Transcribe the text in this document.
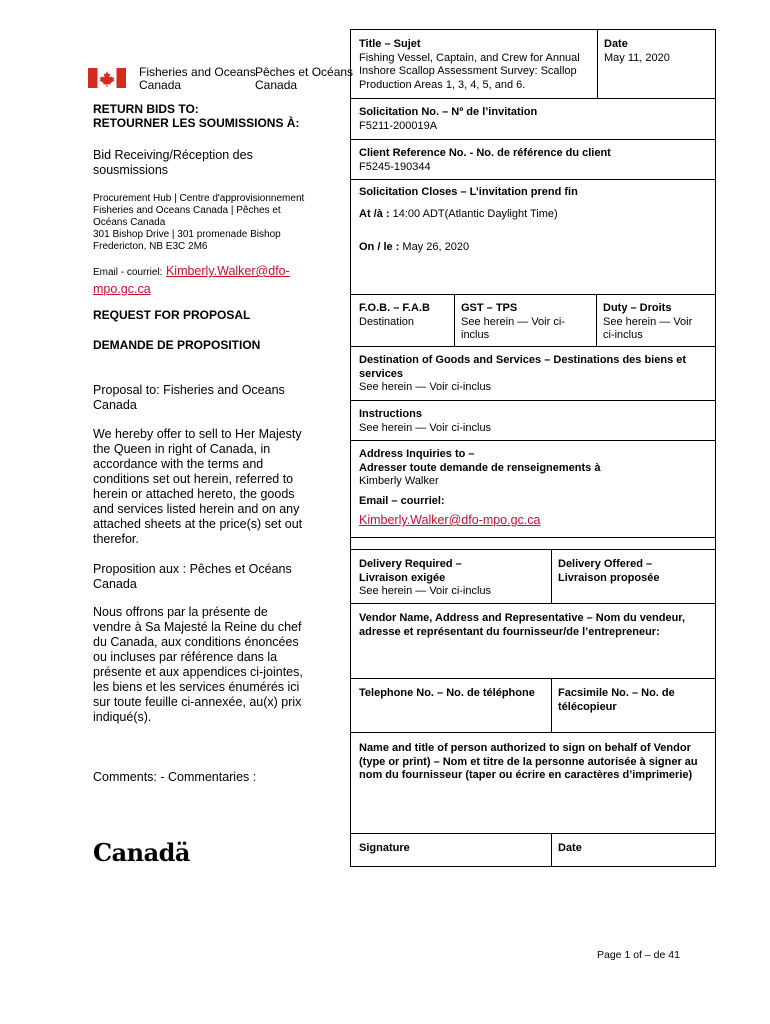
Fisheries and Oceans
Canada
Pêches et Océans
Canada
RETURN BIDS TO:
RETOURNER LES SOUMISSIONS À:
Bid Receiving/Réception des
sousmissions
Procurement Hub | Centre d'approvisionnement
Fisheries and Oceans Canada | Pêches et
Océans Canada
301 Bishop Drive | 301 promenade Bishop
Fredericton, NB E3C 2M6
Email - courriel: Kimberly.Walker@dfo-
mpo.gc.ca
REQUEST FOR PROPOSAL
DEMANDE DE PROPOSITION
Proposal to: Fisheries and Oceans
Canada
We hereby offer to sell to Her Majesty the Queen in right of Canada, in accordance with the terms and conditions set out herein, referred to herein or attached hereto, the goods and services listed herein and on any attached sheets at the price(s) set out therefor.
Proposition aux : Pêches et Océans
Canada
Nous offrons par la présente de vendre à Sa Majesté la Reine du chef du Canada, aux conditions énoncées ou incluses par référence dans la présente et aux appendices ci-jointes, les biens et les services énumérés ici sur toute feuille ci-annexée, au(x) prix indiqué(s).
Comments: - Commentaries :
Canadä
Title – Sujet
Fishing Vessel, Captain, and Crew for Annual
Inshore Scallop Assessment Survey: Scallop
Production Areas 1, 3, 4, 5, and 6.
Date
May 11, 2020
Solicitation No. – Nº de l’invitation
F5211-200019A
Client Reference No. - No. de référence du client
F5245-190344
Solicitation Closes – L’invitation prend fin
At /à : 14:00 ADT(Atlantic Daylight Time)
On / le : May 26, 2020
F.O.B. – F.A.B
Destination
GST – TPS
See herein — Voir ci-
inclus
Duty – Droits
See herein — Voir
ci-inclus
Destination of Goods and Services – Destinations des biens et
services
See herein — Voir ci-inclus
Instructions
See herein — Voir ci-inclus
Address Inquiries to –
Adresser toute demande de renseignements à
Kimberly Walker
Email – courriel:
Kimberly.Walker@dfo-mpo.gc.ca
Delivery Required –
Livraison exigée
See herein — Voir ci-inclus
Delivery Offered –
Livraison proposée
Vendor Name, Address and Representative – Nom du vendeur,
adresse et représentant du fournisseur/de l’entrepreneur:
Telephone No. – No. de téléphone	Facsimile No. – No. de
télécopieur
Name and title of person authorized to sign on behalf of Vendor
(type or print) – Nom et titre de la personne autorisée à signer au
nom du fournisseur (taper ou écrire en caractères d’imprimerie)
Signature	Date
Page 1 of – de 41
